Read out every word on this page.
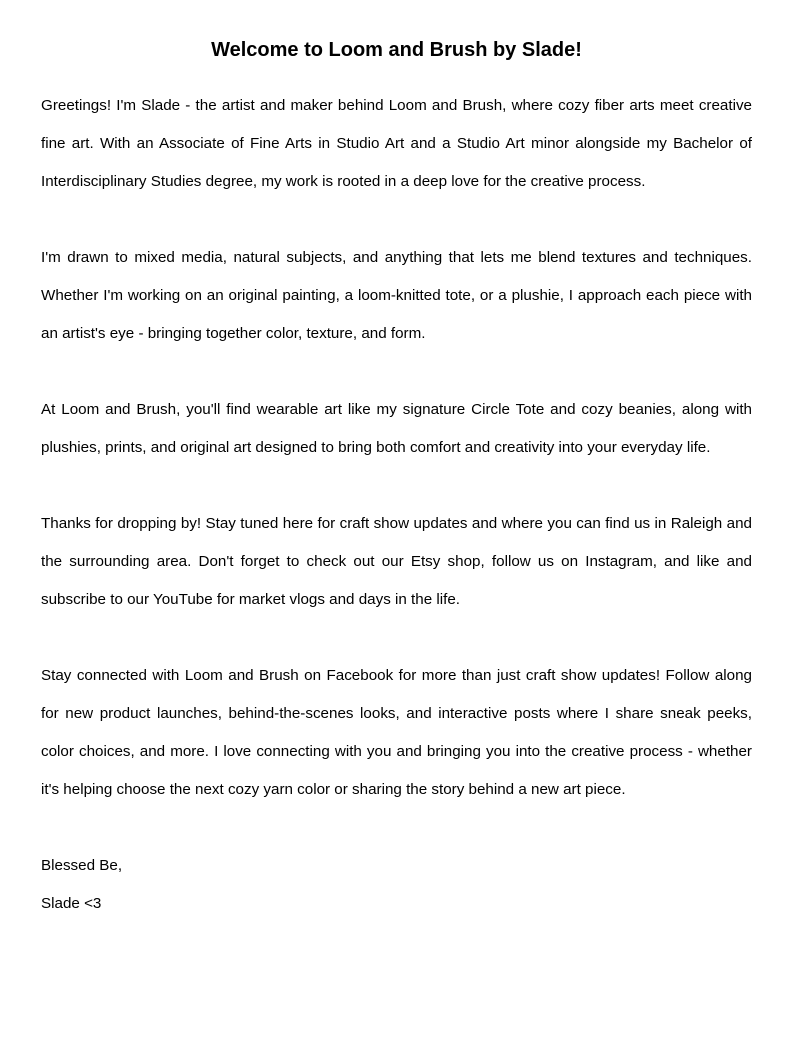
Welcome to Loom and Brush by Slade!

Greetings! I'm Slade - the artist and maker behind Loom and Brush, where cozy fiber arts meet creative fine art. With an Associate of Fine Arts in Studio Art and a Studio Art minor alongside my Bachelor of Interdisciplinary Studies degree, my work is rooted in a deep love for the creative process.

I'm drawn to mixed media, natural subjects, and anything that lets me blend textures and techniques. Whether I'm working on an original painting, a loom-knitted tote, or a plushie, I approach each piece with an artist's eye - bringing together color, texture, and form.

At Loom and Brush, you'll find wearable art like my signature Circle Tote and cozy beanies, along with plushies, prints, and original art designed to bring both comfort and creativity into your everyday life.

Thanks for dropping by! Stay tuned here for craft show updates and where you can find us in Raleigh and the surrounding area. Don't forget to check out our Etsy shop, follow us on Instagram, and like and subscribe to our YouTube for market vlogs and days in the life.

Stay connected with Loom and Brush on Facebook for more than just craft show updates! Follow along for new product launches, behind-the-scenes looks, and interactive posts where I share sneak peeks, color choices, and more. I love connecting with you and bringing you into the creative process - whether it's helping choose the next cozy yarn color or sharing the story behind a new art piece.

Blessed Be,
Slade <3
